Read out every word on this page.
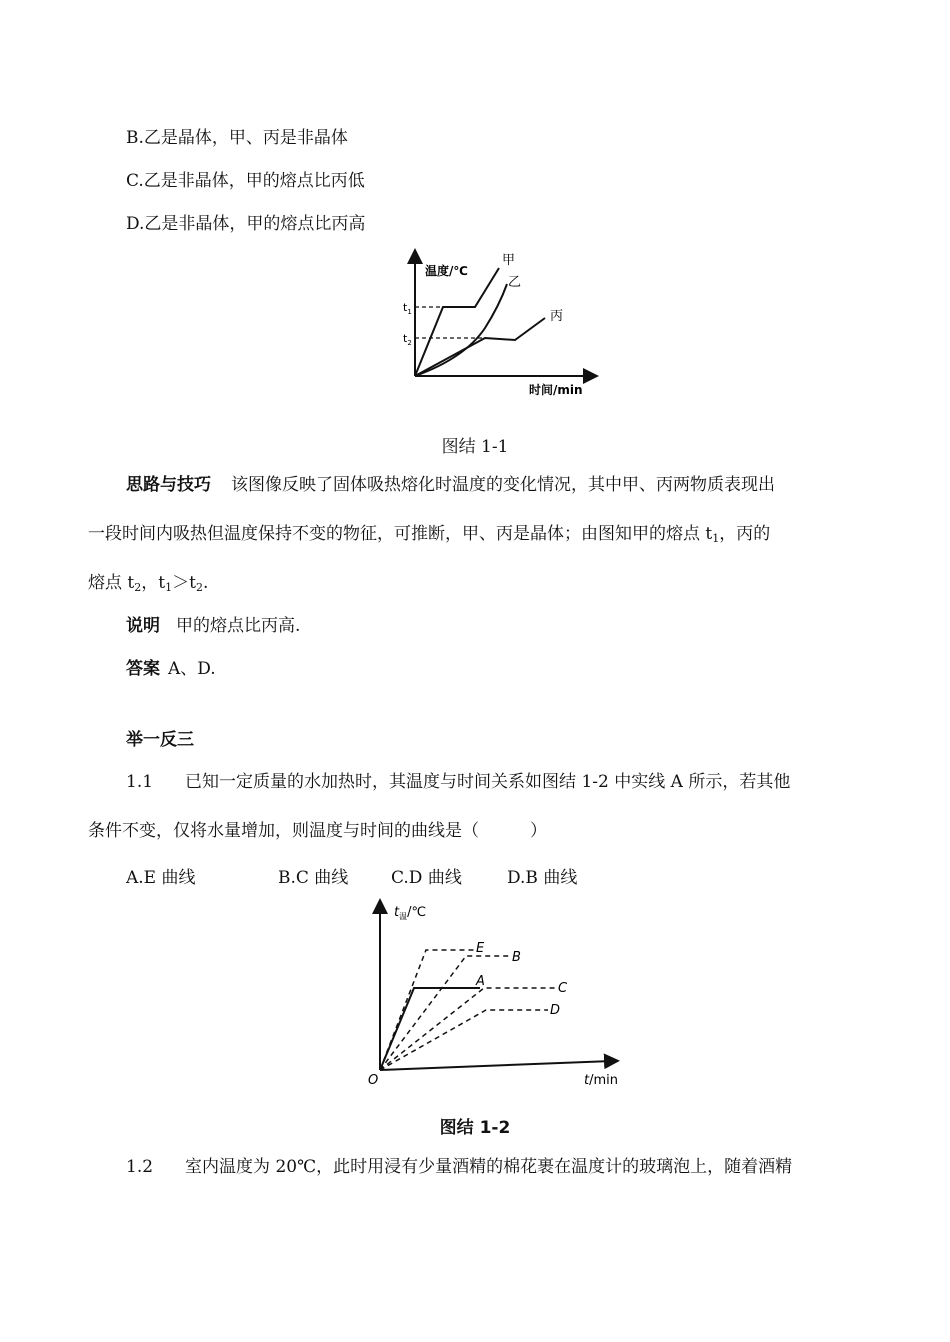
B.乙是晶体，甲、丙是非晶体
C.乙是非晶体，甲的熔点比丙低
D.乙是非晶体，甲的熔点比丙高
温度/℃
时间/min
$t_1$
$t_2$
甲
乙
丙
图结 1-1
思路与技巧 该图像反映了固体吸热熔化时温度的变化情况，其中甲、丙两物质表现出
一段时间内吸热但温度保持不变的物征，可推断，甲、丙是晶体；由图知甲的熔点 $t_1$，丙的
熔点 $t_2$，$t_1>t_2$.
说明 甲的熔点比丙高.
答案 A、D.
举一反三
1.1 已知一定质量的水加热时，其温度与时间关系如图结 1-2 中实线 A 所示，若其他
条件不变，仅将水量增加，则温度与时间的曲线是（　　　）
A.E 曲线	B.C 曲线	C.D 曲线	D.B 曲线
$t_温/℃$
t/min
O
E
B
A	C
D
图结 1-2
1.2 室内温度为 20℃，此时用浸有少量酒精的棉花裹在温度计的玻璃泡上，随着酒精
